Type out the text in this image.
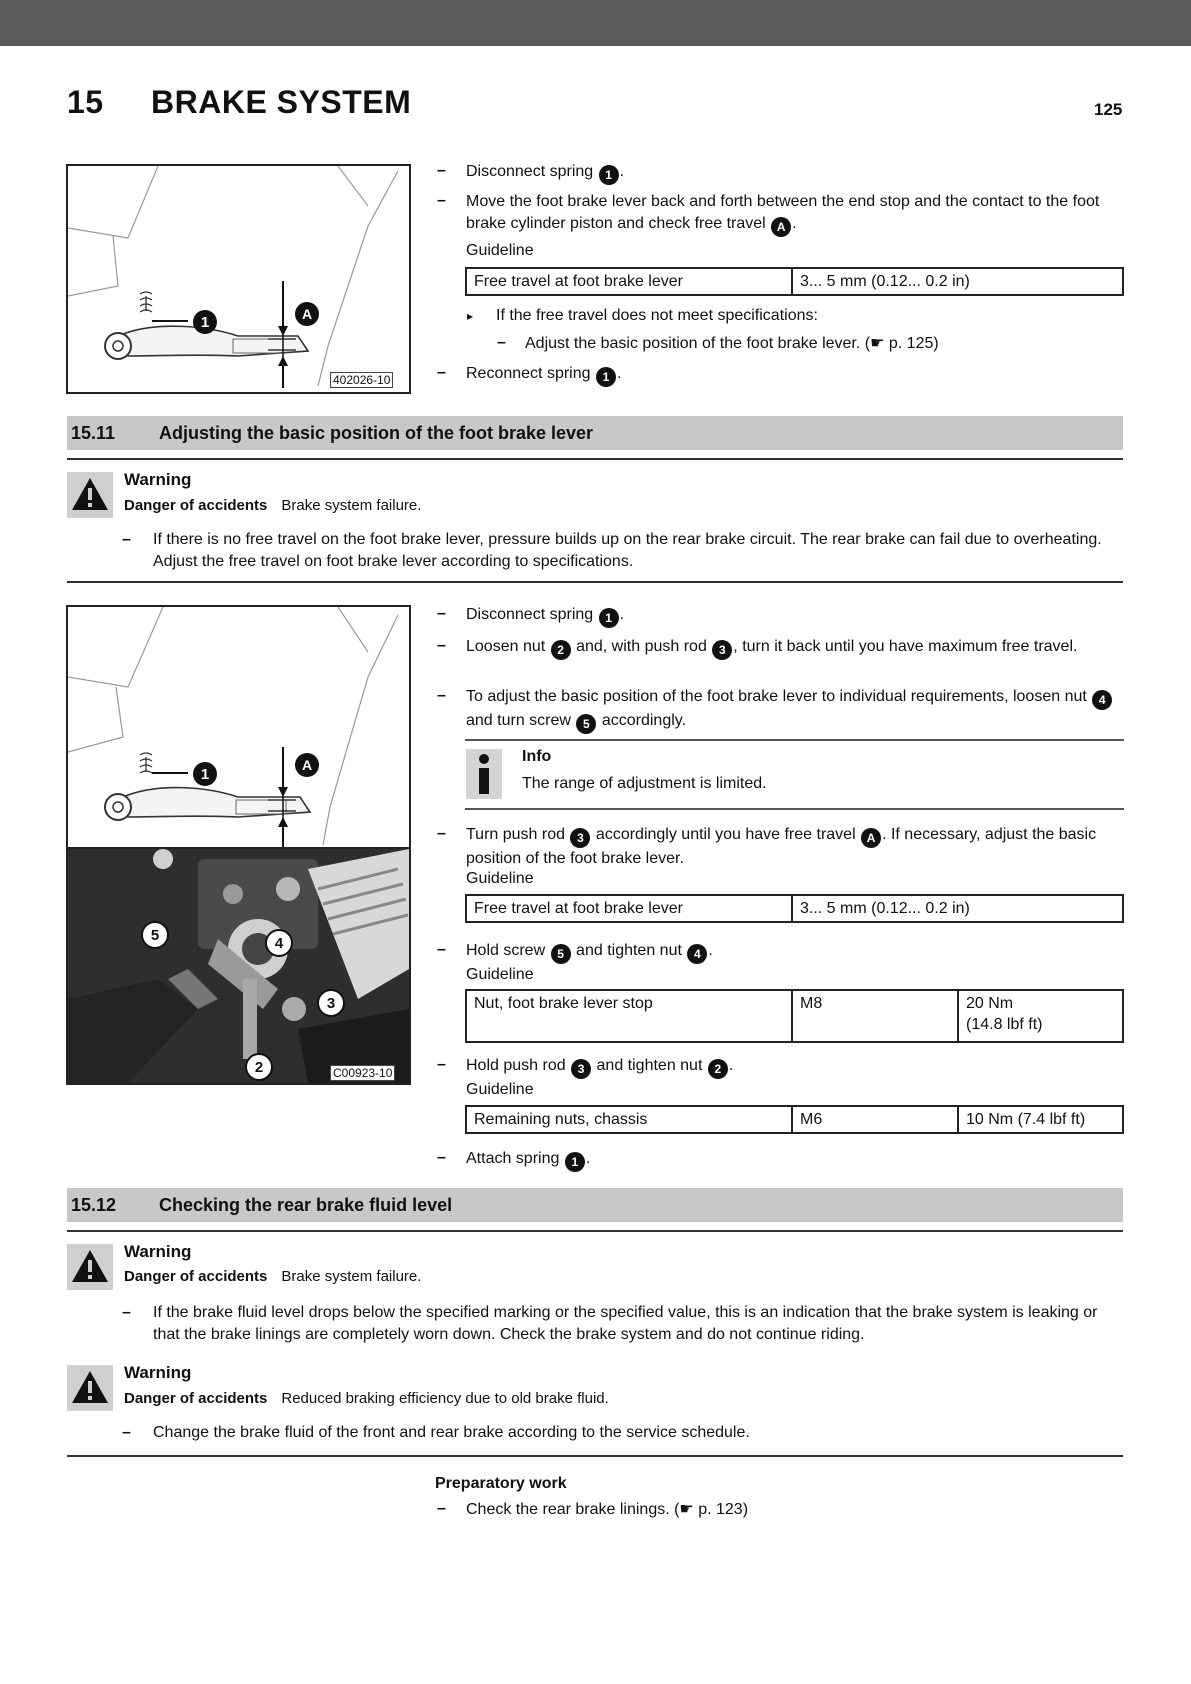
15 BRAKE SYSTEM	125
1	A
402026-10
– Disconnect spring 1 .
– Move the foot brake lever back and forth between the end stop and the contact to the foot brake cylinder piston and check free travel A .
Guideline
Free travel at foot brake lever	3... 5 mm (0.12... 0.2 in)
▸ If the free travel does not meet specifications:
– Adjust the basic position of the foot brake lever. (☛ p. 125)
– Reconnect spring 1 .
15.11	Adjusting the basic position of the foot brake lever
Warning
Danger of accidents Brake system failure.
– If there is no free travel on the foot brake lever, pressure builds up on the rear brake circuit. The rear brake can fail due to overheating. Adjust the free travel on foot brake lever according to specifications.
1
A
5	4
3
2	C00923-10
– Disconnect spring 1 .
– Loosen nut 2 and, with push rod 3 , turn it back until you have maximum free travel.
– To adjust the basic position of the foot brake lever to individual requirements, loosen nut 4 and turn screw 5 accordingly.
Info
The range of adjustment is limited.
– Turn push rod 3 accordingly until you have free travel A . If necessary, adjust the basic position of the foot brake lever.
Guideline
Free travel at foot brake lever	3... 5 mm (0.12... 0.2 in)
– Hold screw 5 and tighten nut 4 .
Guideline
Nut, foot brake lever stop	M8	20 Nm
(14.8 lbf ft)
– Hold push rod 3 and tighten nut 2 .
Guideline
Remaining nuts, chassis	M6	10 Nm (7.4 lbf ft)
– Attach spring 1 .
15.12	Checking the rear brake fluid level
Warning
Danger of accidents Brake system failure.
– If the brake fluid level drops below the specified marking or the specified value, this is an indication that the brake system is leaking or that the brake linings are completely worn down. Check the brake system and do not continue riding.
Warning
Danger of accidents Reduced braking efficiency due to old brake fluid.
– Change the brake fluid of the front and rear brake according to the service schedule.
Preparatory work
– Check the rear brake linings. (☛ p. 123)
